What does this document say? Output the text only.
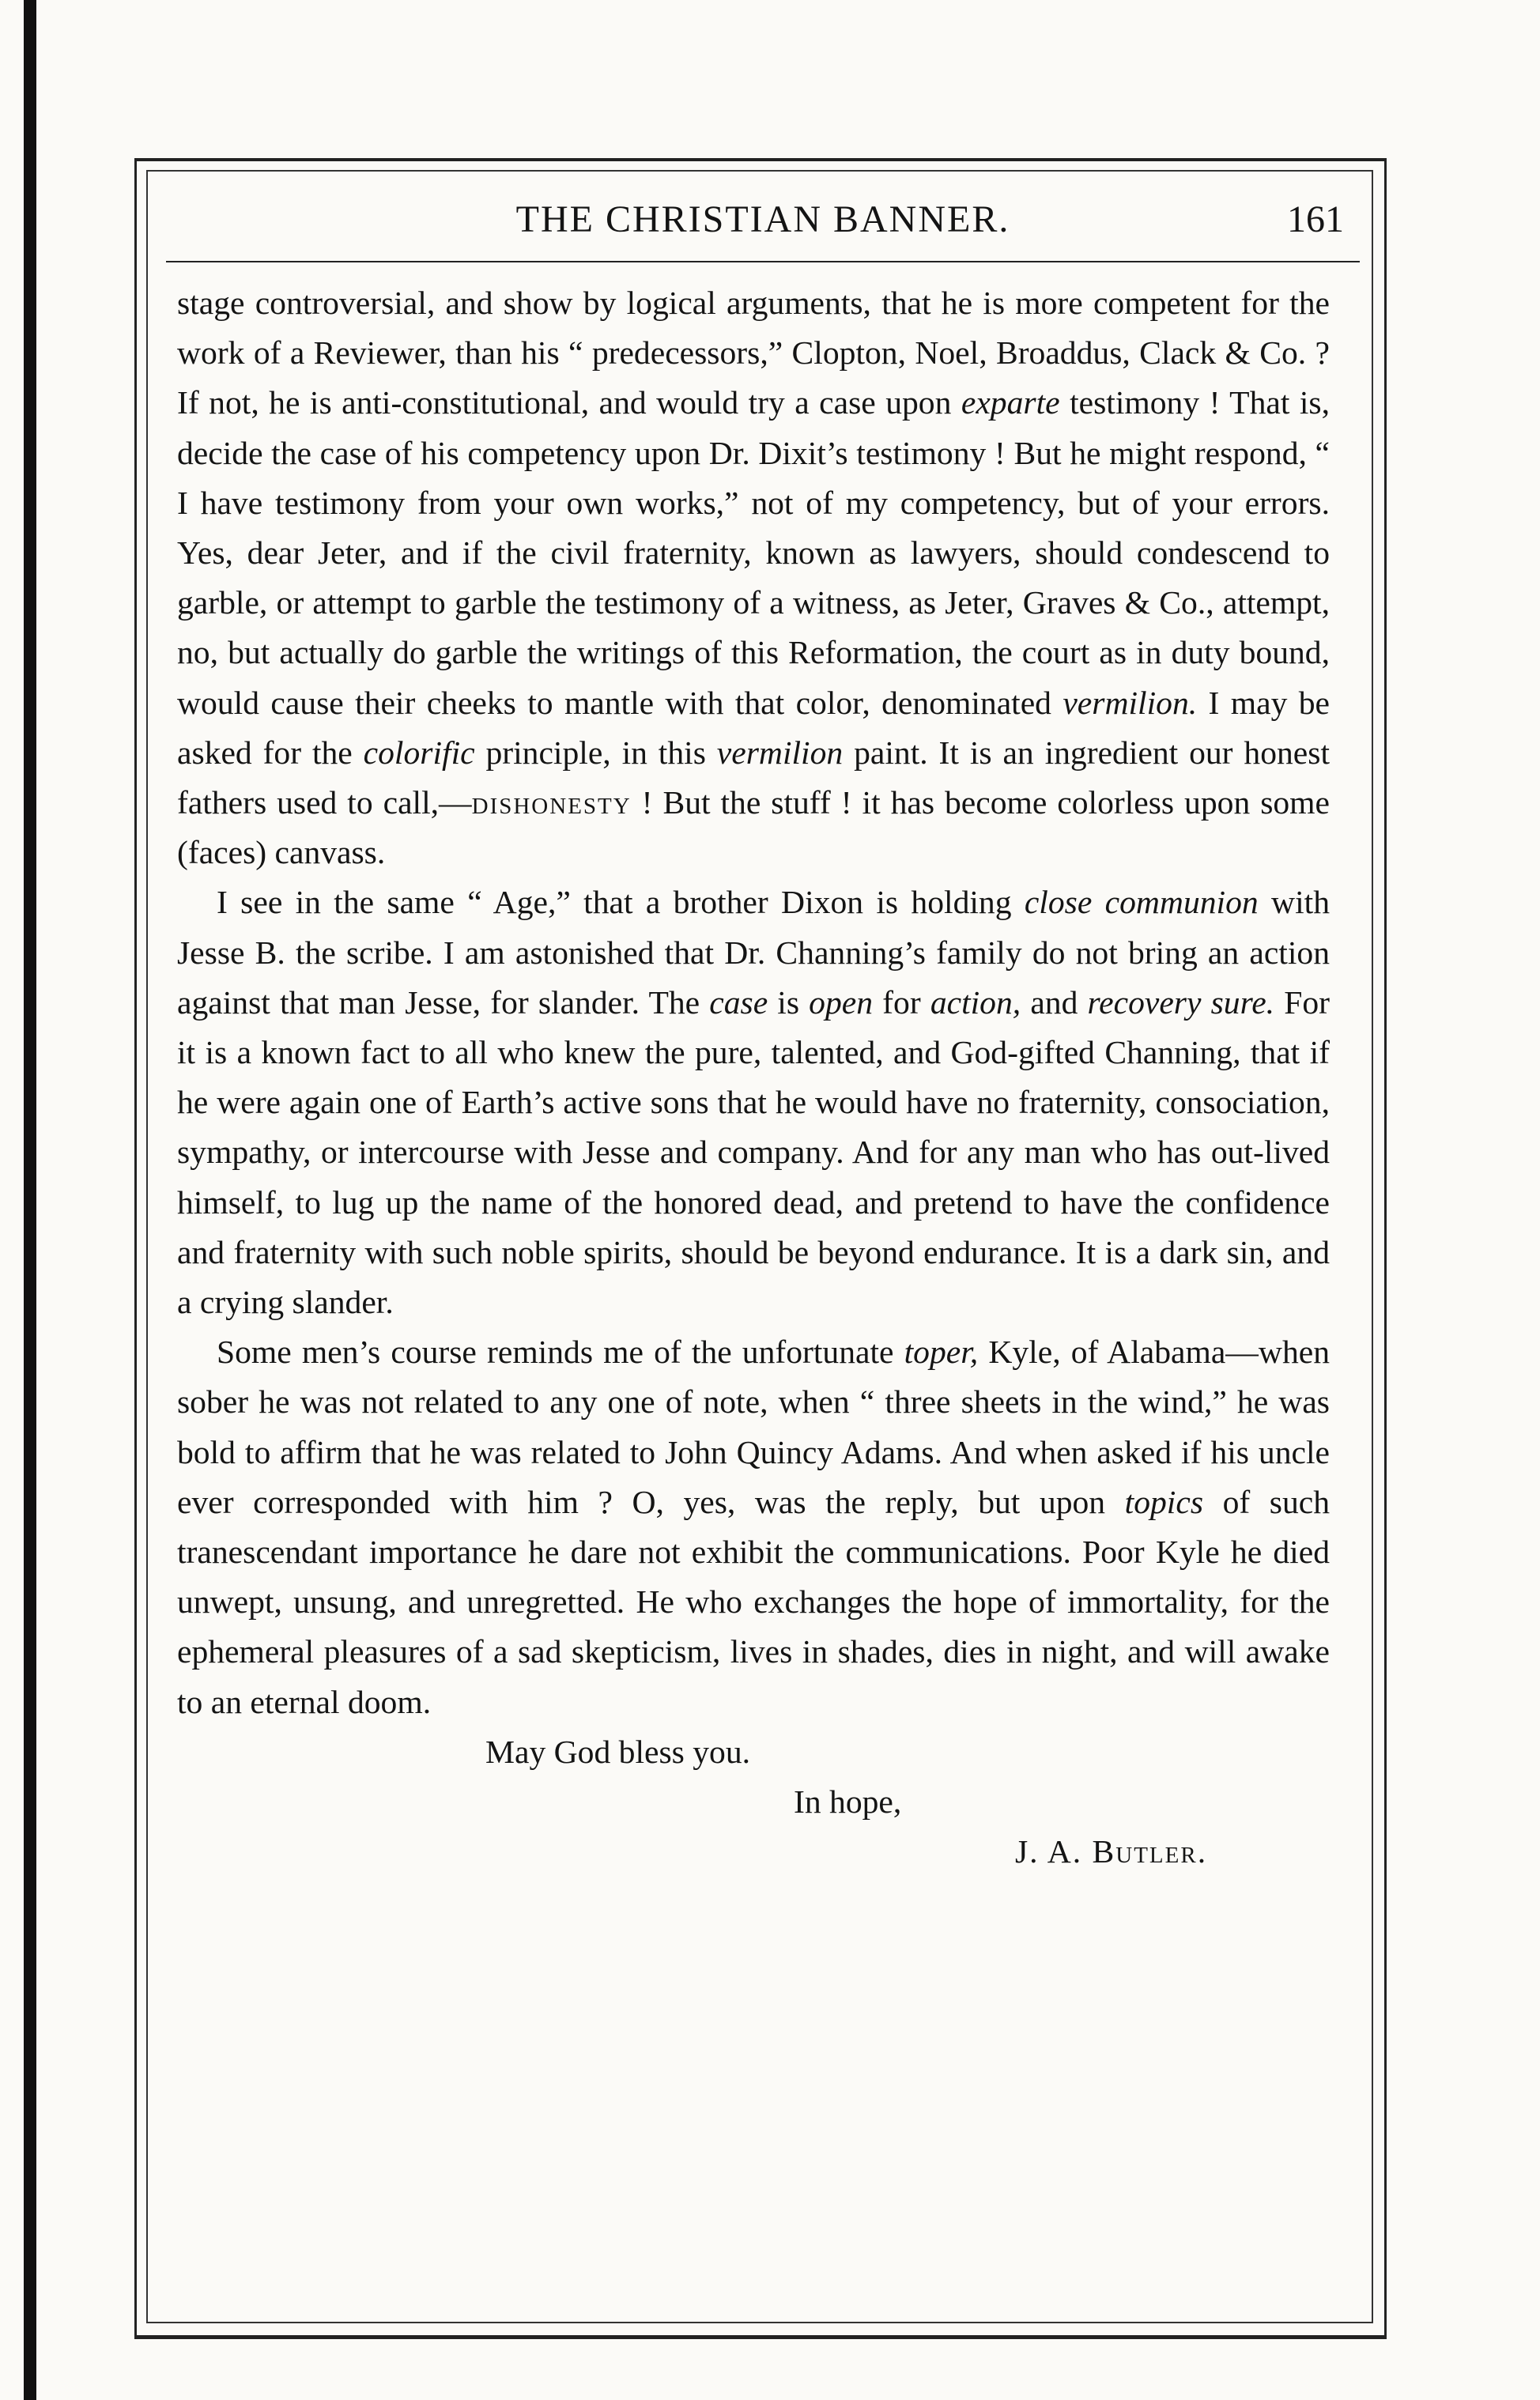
THE CHRISTIAN BANNER.	161

stage controversial, and show by logical arguments, that he is more competent for the work of a Reviewer, than his “ predecessors,” Clopton, Noel, Broaddus, Clack & Co. ? If not, he is anti-constitutional, and would try a case upon exparte testimony ! That is, decide the case of his competency upon Dr. Dixit’s testimony ! But he might respond, “ I have testimony from your own works,” not of my competency, but of your errors. Yes, dear Jeter, and if the civil fraternity, known as lawyers, should condescend to garble, or attempt to garble the testimony of a witness, as Jeter, Graves & Co., attempt, no, but actually do garble the writings of this Reformation, the court as in duty bound, would cause their cheeks to mantle with that color, denominated vermilion. I may be asked for the colorific principle, in this vermilion paint. It is an ingredient our honest fathers used to call,—dishonesty ! But the stuff ! it has become colorless upon some (faces) canvass.

I see in the same “ Age,” that a brother Dixon is holding close communion with Jesse B. the scribe. I am astonished that Dr. Channing’s family do not bring an action against that man Jesse, for slander. The case is open for action, and recovery sure. For it is a known fact to all who knew the pure, talented, and God-gifted Channing, that if he were again one of Earth’s active sons that he would have no fraternity, consociation, sympathy, or intercourse with Jesse and company. And for any man who has out-lived himself, to lug up the name of the honored dead, and pretend to have the confidence and fraternity with such noble spirits, should be beyond endurance. It is a dark sin, and a crying slander.

Some men’s course reminds me of the unfortunate toper, Kyle, of Alabama—when sober he was not related to any one of note, when “ three sheets in the wind,” he was bold to affirm that he was related to John Quincy Adams. And when asked if his uncle ever corresponded with him ? O, yes, was the reply, but upon topics of such tranescendant importance he dare not exhibit the communications. Poor Kyle he died unwept, unsung, and unregretted. He who exchanges the hope of immortality, for the ephemeral pleasures of a sad skepticism, lives in shades, dies in night, and will awake to an eternal doom.

May God bless you.

In hope,

J. A. Butler.
